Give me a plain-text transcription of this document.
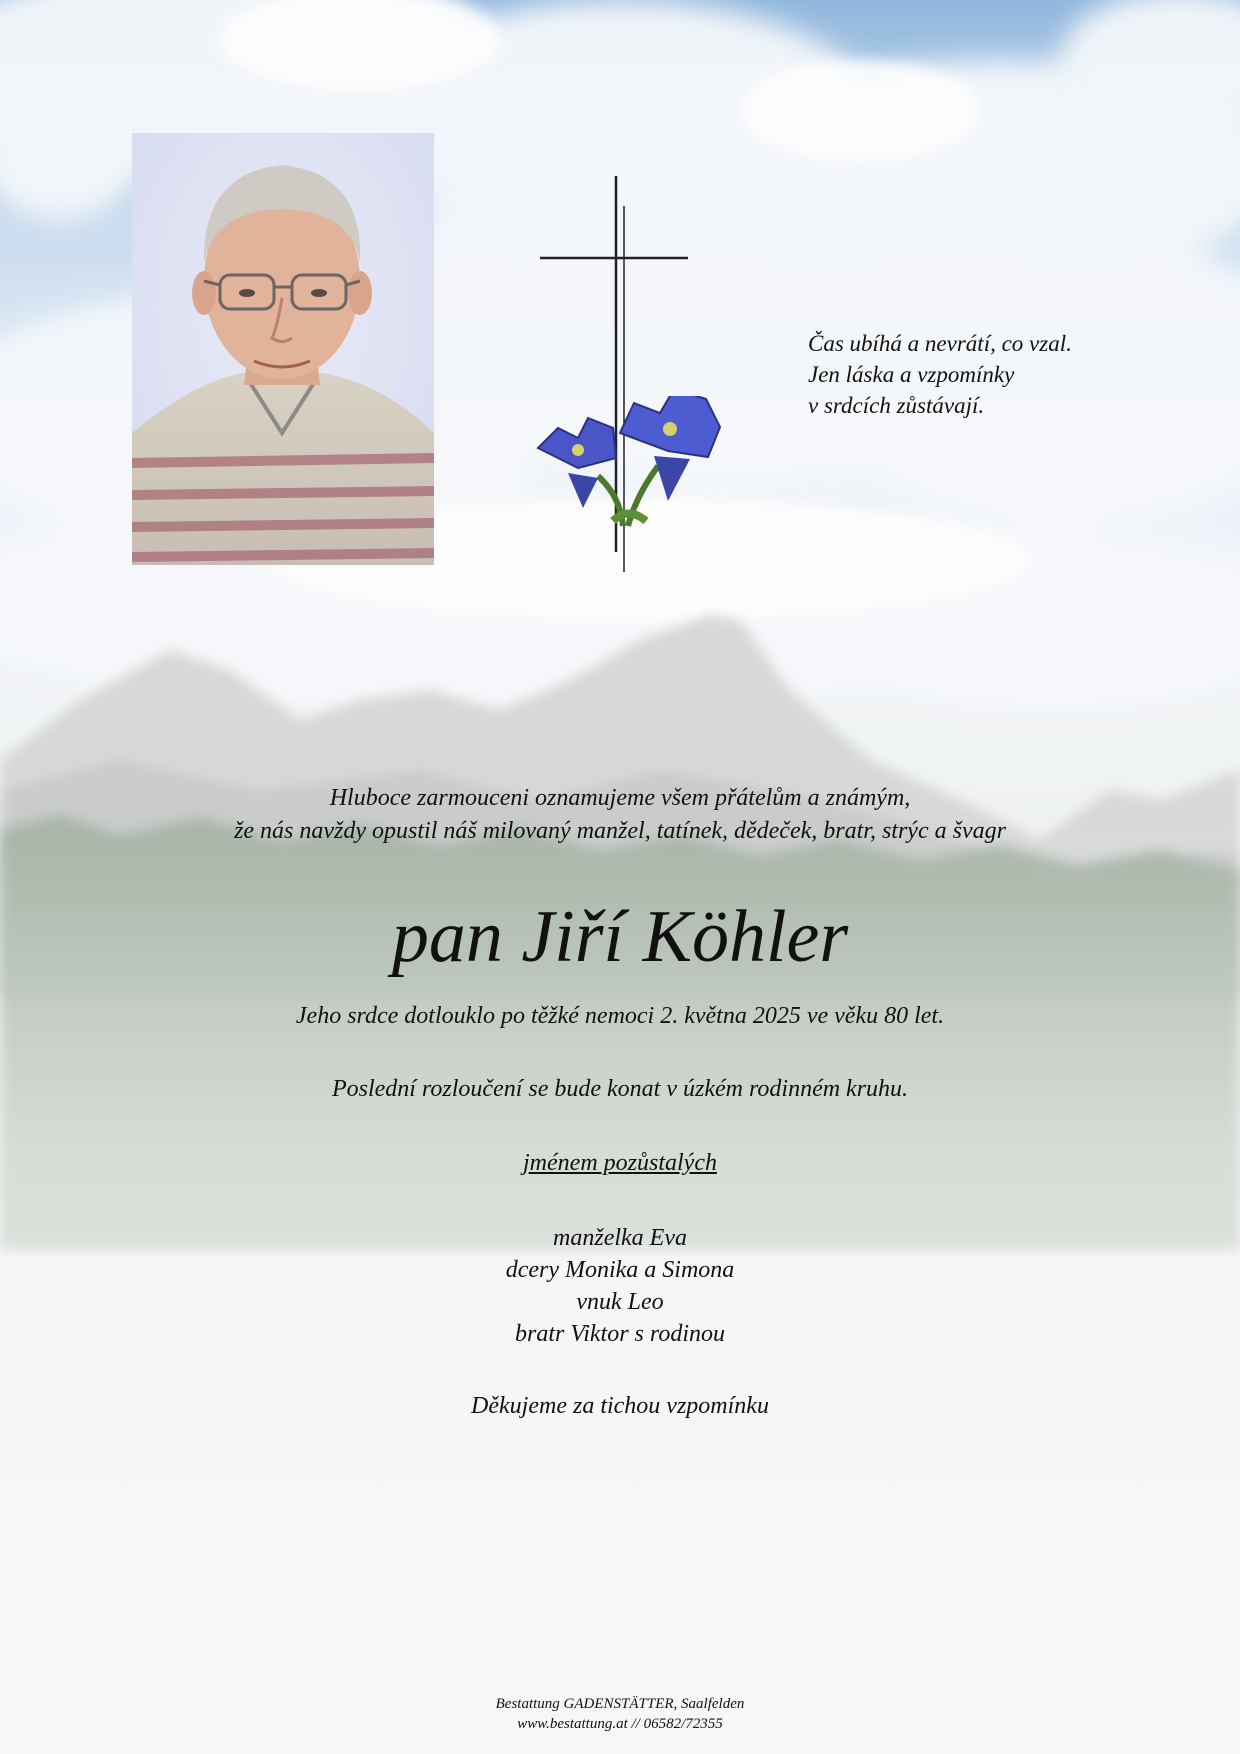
Čas ubíhá a nevrátí, co vzal.
Jen láska a vzpomínky
v srdcích zůstávají.
Hluboce zarmouceni oznamujeme všem přátelům a známým,
že nás navždy opustil náš milovaný manžel, tatínek, dědeček, bratr, strýc a švagr
pan Jiří Köhler
Jeho srdce dotlouklo po těžké nemoci 2. května 2025 ve věku 80 let.
Poslední rozloučení se bude konat v úzkém rodinném kruhu.
jménem pozůstalých
manželka Eva
dcery Monika a Simona
vnuk Leo
bratr Viktor s rodinou
Děkujeme za tichou vzpomínku
Bestattung GADENSTÄTTER, Saalfelden
www.bestattung.at // 06582/72355
